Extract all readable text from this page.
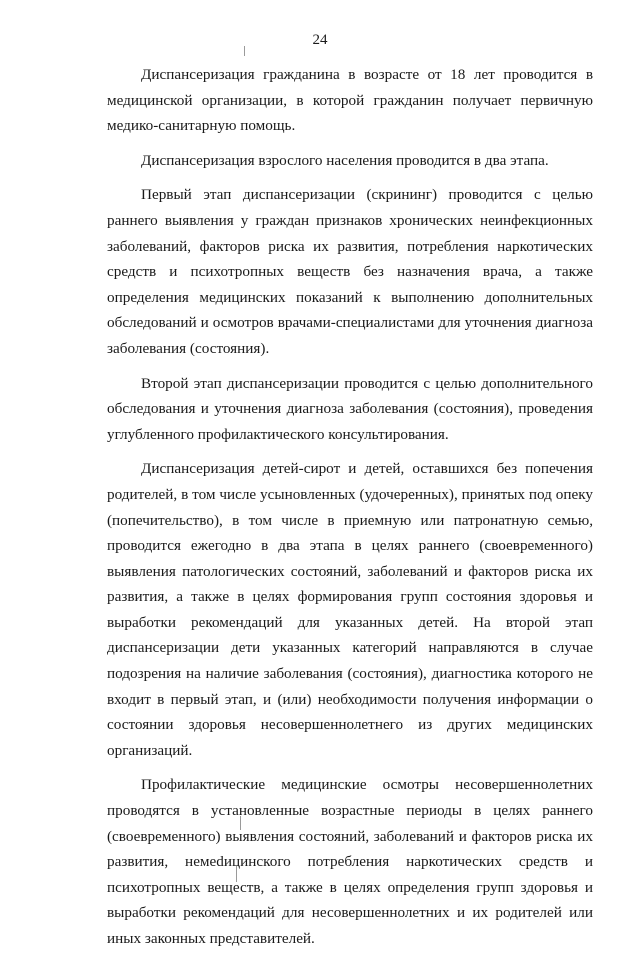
24

Диспансеризация гражданина в возрасте от 18 лет проводится в медицинской организации, в которой гражданин получает первичную медико-санитарную помощь.

Диспансеризация взрослого населения проводится в два этапа.

Первый этап диспансеризации (скрининг) проводится с целью раннего выявления у граждан признаков хронических неинфекционных заболеваний, факторов риска их развития, потребления наркотических средств и психотропных веществ без назначения врача, а также определения медицинских показаний к выполнению дополнительных обследований и осмотров врачами-специалистами для уточнения диагноза заболевания (состояния).

Второй этап диспансеризации проводится с целью дополнительного обследования и уточнения диагноза заболевания (состояния), проведения углубленного профилактического консультирования.

Диспансеризация детей-сирот и детей, оставшихся без попечения родителей, в том числе усыновленных (удочеренных), принятых под опеку (попечительство), в том числе в приемную или патронатную семью, проводится ежегодно в два этапа в целях раннего (своевременного) выявления патологических состояний, заболеваний и факторов риска их развития, а также в целях формирования групп состояния здоровья и выработки рекомендаций для указанных детей. На второй этап диспансеризации дети указанных категорий направляются в случае подозрения на наличие заболевания (состояния), диагностика которого не входит в первый этап, и (или) необходимости получения информации о состоянии здоровья несовершеннолетнего из других медицинских организаций.

Профилактические медицинские осмотры несовершеннолетних проводятся в установленные возрастные периоды в целях раннего (своевременного) выявления состояний, заболеваний и факторов риска их развития, немеdицинского потребления наркотических средств и психотропных веществ, а также в целях определения групп здоровья и выработки рекомендаций для несовершеннолетних и их родителей или иных законных представителей.
